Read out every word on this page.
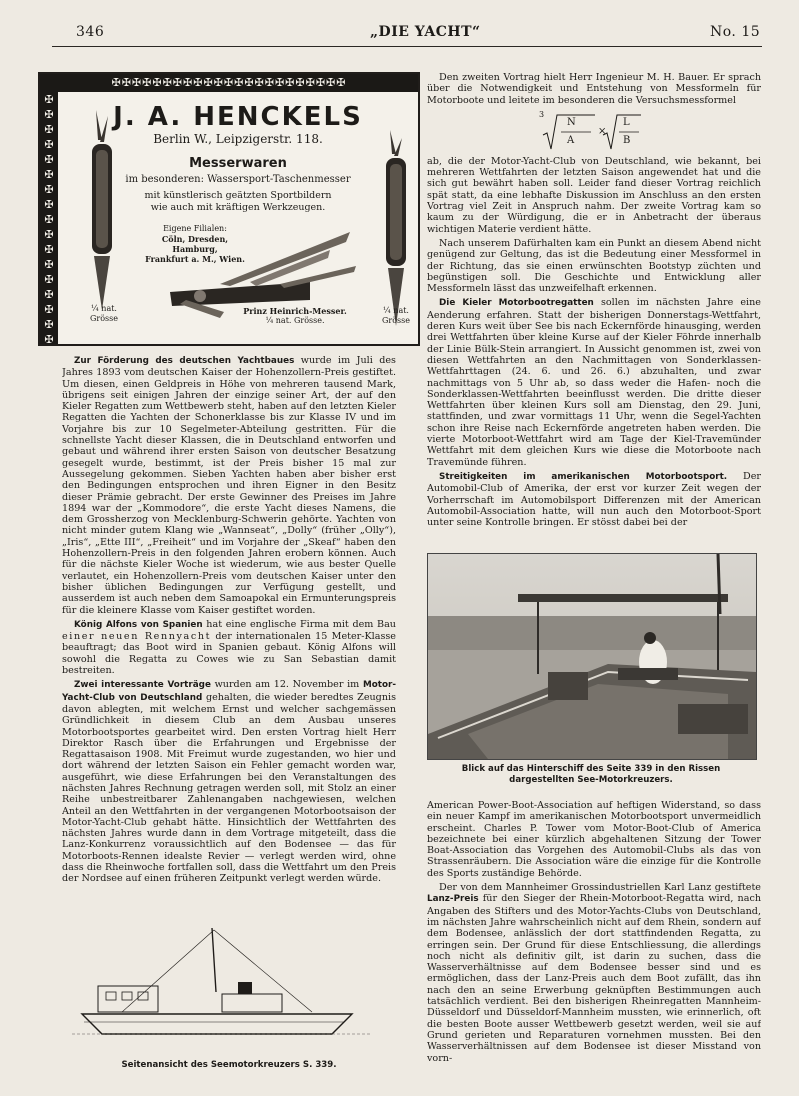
346	„DIE YACHT“	No. 15
✠✠✠✠✠✠✠✠✠✠✠✠✠✠✠✠✠✠✠✠✠✠✠
✠✠✠✠✠✠✠✠✠✠✠✠✠✠✠✠✠
J. A. HENCKELS
Berlin W., Leipzigerstr. 118.
Messerwaren
im besonderen: Wassersport-Taschenmesser
mit künstlerisch geätzten Sportbildern
wie auch mit kräftigen Werkzeugen.
Eigene Filialen:
Cöln, Dresden, Hamburg,
Frankfurt a. M., Wien.
¼ nat.
Grösse
Prinz Heinrich-Messer.
¼ nat. Grösse.
¼ nat.
Grösse

Zur Förderung des deutschen Yachtbaues wurde im Juli des Jahres 1893 vom deutschen Kaiser der Hohenzollern-Preis gestiftet. Um diesen, einen Geldpreis in Höhe von mehreren tausend Mark, übrigens seit einigen Jahren der einzige seiner Art, der auf den Kieler Regatten zum Wettbewerb steht, haben auf den letzten Kieler Regatten die Yachten der Schonerklasse bis zur Klasse IV und im Vorjahre bis zur 10 Segelmeter-Abteilung gestritten. Für die schnellste Yacht dieser Klassen, die in Deutschland entworfen und gebaut und während ihrer ersten Saison von deutscher Besatzung gesegelt wurde, bestimmt, ist der Preis bisher 15 mal zur Aussegelung gekommen. Sieben Yachten haben aber bisher erst den Bedingungen entsprochen und ihren Eigner in den Besitz dieser Prämie gebracht. Der erste Gewinner des Preises im Jahre 1894 war der „Kommodore“, die erste Yacht dieses Namens, die dem Grossherzog von Mecklenburg-Schwerin gehörte. Yachten von nicht minder gutem Klang wie „Wannseat“, „Dolly“ (früher „Olly“), „Iris“, „Ette III“, „Freiheit“ und im Vorjahre der „Skeaf“ haben den Hohenzollern-Preis in den folgenden Jahren erobern können. Auch für die nächste Kieler Woche ist wiederum, wie aus bester Quelle verlautet, ein Hohenzollern-Preis vom deutschen Kaiser unter den bisher üblichen Bedingungen zur Verfügung gestellt, und ausserdem ist auch neben dem Samoapokal ein Ermunterungspreis für die kleinere Klasse vom Kaiser gestiftet worden.

König Alfons von Spanien hat eine englische Firma mit dem Bau einer neuen Rennyacht der internationalen 15 Meter-Klasse beauftragt; das Boot wird in Spanien gebaut. König Alfons will sowohl die Regatta zu Cowes wie zu San Sebastian damit bestreiten.

Zwei interessante Vorträge wurden am 12. November im Motor-Yacht-Club von Deutschland gehalten, die wieder beredtes Zeugnis davon ablegten, mit welchem Ernst und welcher sachgemässen Gründlichkeit in diesem Club an dem Ausbau unseres Motorbootsportes gearbeitet wird. Den ersten Vortrag hielt Herr Direktor Rasch über die Erfahrungen und Ergebnisse der Regattasaison 1908. Mit Freimut wurde zugestanden, wo hier und dort während der letzten Saison ein Fehler gemacht worden war, ausgeführt, wie diese Erfahrungen bei den Veranstaltungen des nächsten Jahres Rechnung getragen werden soll, mit Stolz an einer Reihe unbestreitbarer Zahlenangaben nachgewiesen, welchen Anteil an den Wettfahrten in der vergangenen Motorbootsaison der Motor-Yacht-Club gehabt hätte. Hinsichtlich der Wettfahrten des nächsten Jahres wurde dann in dem Vortrage mitgeteilt, dass die Lanz-Konkurrenz voraussichtlich auf den Bodensee — das für Motorboots-Rennen idealste Revier — verlegt werden wird, ohne dass die Rheinwoche fortfallen soll, dass die Wettfahrt um den Preis der Nordsee auf einen früheren Zeitpunkt verlegt werden würde.

Seitenansicht des Seemotorkreuzers S. 339.

Den zweiten Vortrag hielt Herr Ingenieur M. H. Bauer. Er sprach über die Notwendigkeit und Entstehung von Messformeln für Motorboote und leitete im besonderen die Versuchsmessformel

3
N
A
×
L
B

ab, die der Motor-Yacht-Club von Deutschland, wie bekannt, bei mehreren Wettfahrten der letzten Saison angewendet hat und die sich gut bewährt haben soll. Leider fand dieser Vortrag reichlich spät statt, da eine lebhafte Diskussion im Anschluss an den ersten Vortrag viel Zeit in Anspruch nahm. Der zweite Vortrag kam so kaum zu der Würdigung, die er in Anbetracht der überaus wichtigen Materie verdient hätte.

Nach unserem Dafürhalten kam ein Punkt an diesem Abend nicht genügend zur Geltung, das ist die Bedeutung einer Messformel in der Richtung, das sie einen erwünschten Bootstyp züchten und begünstigen soll. Die Geschichte und Entwicklung aller Messformeln lässt das unzweifelhaft erkennen.

Die Kieler Motorbootregatten sollen im nächsten Jahre eine Aenderung erfahren. Statt der bisherigen Donnerstags-Wettfahrt, deren Kurs weit über See bis nach Eckernförde hinausging, werden drei Wettfahrten über kleine Kurse auf der Kieler Föhrde innerhalb der Linie Bülk-Stein arrangiert. In Aussicht genommen ist, zwei von diesen Wettfahrten an den Nachmittagen von Sonderklassen-Wettfahrttagen (24. 6. und 26. 6.) abzuhalten, und zwar nachmittags von 5 Uhr ab, so dass weder die Hafen- noch die Sonderklassen-Wettfahrten beeinflusst werden. Die dritte dieser Wettfahrten über kleinen Kurs soll am Dienstag, den 29. Juni, stattfinden, und zwar vormittags 11 Uhr, wenn die Segel-Yachten schon ihre Reise nach Eckernförde angetreten haben werden. Die vierte Motorboot-Wettfahrt wird am Tage der Kiel-Travemünder Wettfahrt mit dem gleichen Kurs wie diese die Motorboote nach Travemünde führen.

Streitigkeiten im amerikanischen Motorbootsport. Der Automobil-Club of Amerika, der erst vor kurzer Zeit wegen der Vorherrschaft im Automobilsport Differenzen mit der American Automobil-Association hatte, will nun auch den Motorboot-Sport unter seine Kontrolle bringen. Er stösst dabei bei der

Blick auf das Hinterschiff des Seite 339 in den Rissen
dargestellten See-Motorkreuzers.

American Power-Boot-Association auf heftigen Widerstand, so dass ein neuer Kampf im amerikanischen Motorbootsport unvermeidlich erscheint. Charles P. Tower vom Motor-Boot-Club of America bezeichnete bei einer kürzlich abgehaltenen Sitzung der Tower Boat-Association das Vorgehen des Automobil-Clubs als das von Strassenräubern. Die Association wäre die einzige für die Kontrolle des Sports zuständige Behörde.

Der von dem Mannheimer Grossindustriellen Karl Lanz gestiftete Lanz-Preis für den Sieger der Rhein-Motorboot-Regatta wird, nach Angaben des Stifters und des Motor-Yachts-Clubs von Deutschland, im nächsten Jahre wahrscheinlich nicht auf dem Rhein, sondern auf dem Bodensee, anlässlich der dort stattfindenden Regatta, zu erringen sein. Der Grund für diese Entschliessung, die allerdings noch nicht als definitiv gilt, ist darin zu suchen, dass die Wasserverhältnisse auf dem Bodensee besser sind und es ermöglichen, dass der Lanz-Preis auch dem Boot zufällt, das ihn nach den an seine Erwerbung geknüpften Bestimmungen auch tatsächlich verdient. Bei den bisherigen Rheinregatten Mannheim-Düsseldorf und Düsseldorf-Mannheim mussten, wie erinnerlich, oft die besten Boote ausser Wettbewerb gesetzt werden, weil sie auf Grund gerieten und Reparaturen vornehmen mussten. Bei den Wasserverhältnissen auf dem Bodensee ist dieser Misstand von vorn-
